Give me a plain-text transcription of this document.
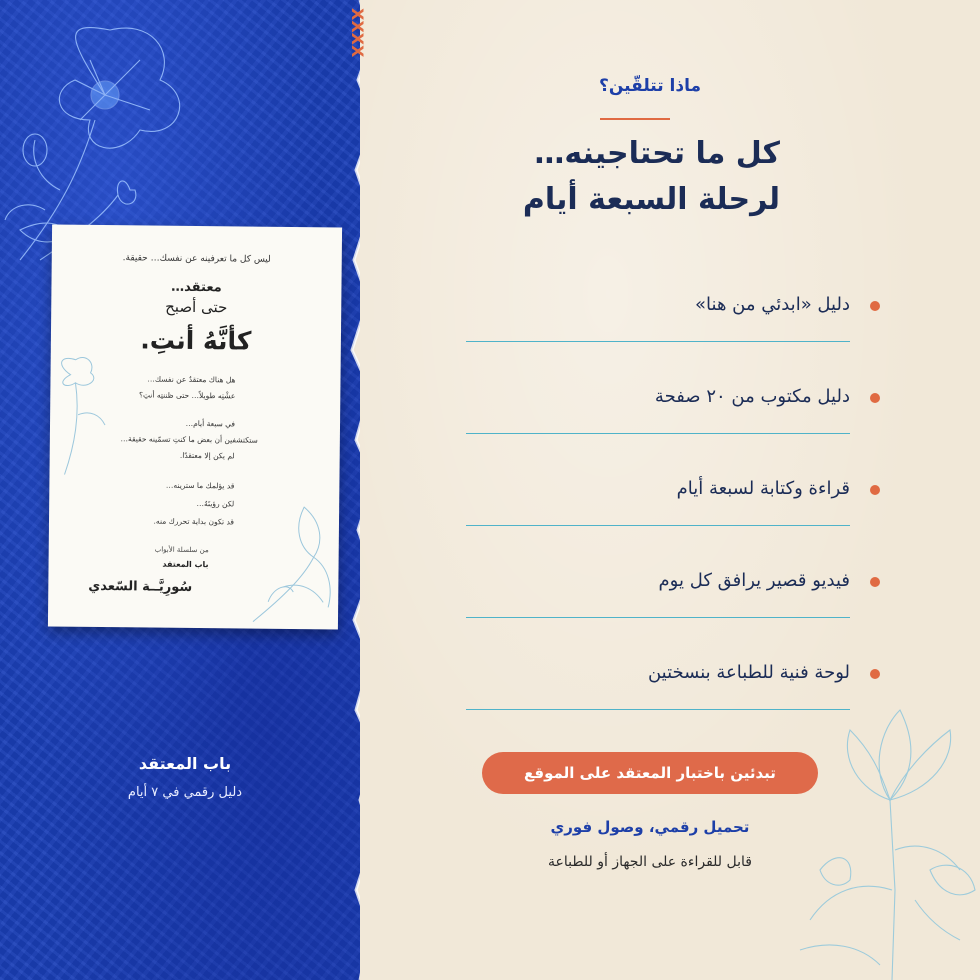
XXXX
ليس كل ما تعرفينه عن نفسك… حقيقة.
معتقد…
حتى أصبح
كأنَّهُ أنتِ.
هل هناك معتقدٌ عن نفسك…
عشْتِه طويلاً… حتى ظننتِه أنتِ؟
في سبعة أيام…
ستكتشفين أن بعض ما كنتِ تسمّينه حقيقة…
لم يكن إلا معتقدًا.
قد يؤلمك ما سترينه…
لكن رؤيتَهُ…
قد تكون بداية تحررك منه.
من سلسلة الأبواب
باب المعتقد
سُورِيَّــة السّعدي
باب المعتقد
دليل رقمي في ٧ أيام
ماذا تتلقّين؟
كل ما تحتاجينه…
لرحلة السبعة أيام
دليل «ابدئي من هنا»
دليل مكتوب من ٢٠ صفحة
قراءة وكتابة لسبعة أيام
فيديو قصير يرافق كل يوم
لوحة فنية للطباعة بنسختين
تبدئين باختبار المعتقد على الموقع
تحميل رقمي، وصول فوري
قابل للقراءة على الجهاز أو للطباعة
